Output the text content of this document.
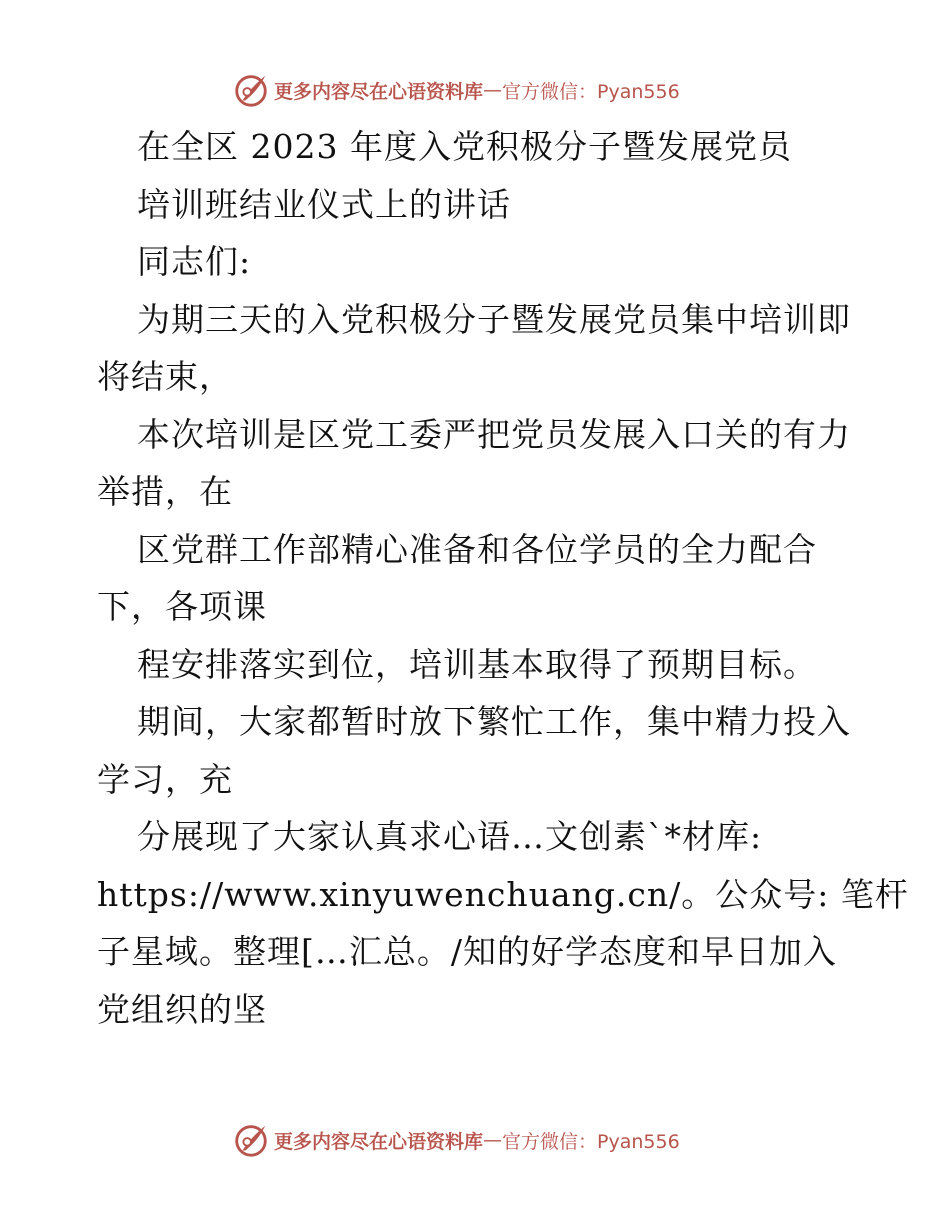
更多内容尽在心语资料库 — 官方微信：Pyan556
在全区 2023 年度入党积极分子暨发展党员
培训班结业仪式上的讲话
同志们:
为期三天的入党积极分子暨发展党员集中培训即
将结束，
本次培训是区党工委严把党员发展入口关的有力
举措，在
区党群工作部精心准备和各位学员的全力配合
下，各项课
程安排落实到位，培训基本取得了预期目标。
期间，大家都暂时放下繁忙工作，集中精力投入
学习，充
分展现了大家认真求心语…文创素`*材库:
https://www.xinyuwenchuang.cn/。公众号: 笔杆
子星域。整理[…汇总。/知的好学态度和早日加入
党组织的坚
更多内容尽在心语资料库 — 官方微信：Pyan556
